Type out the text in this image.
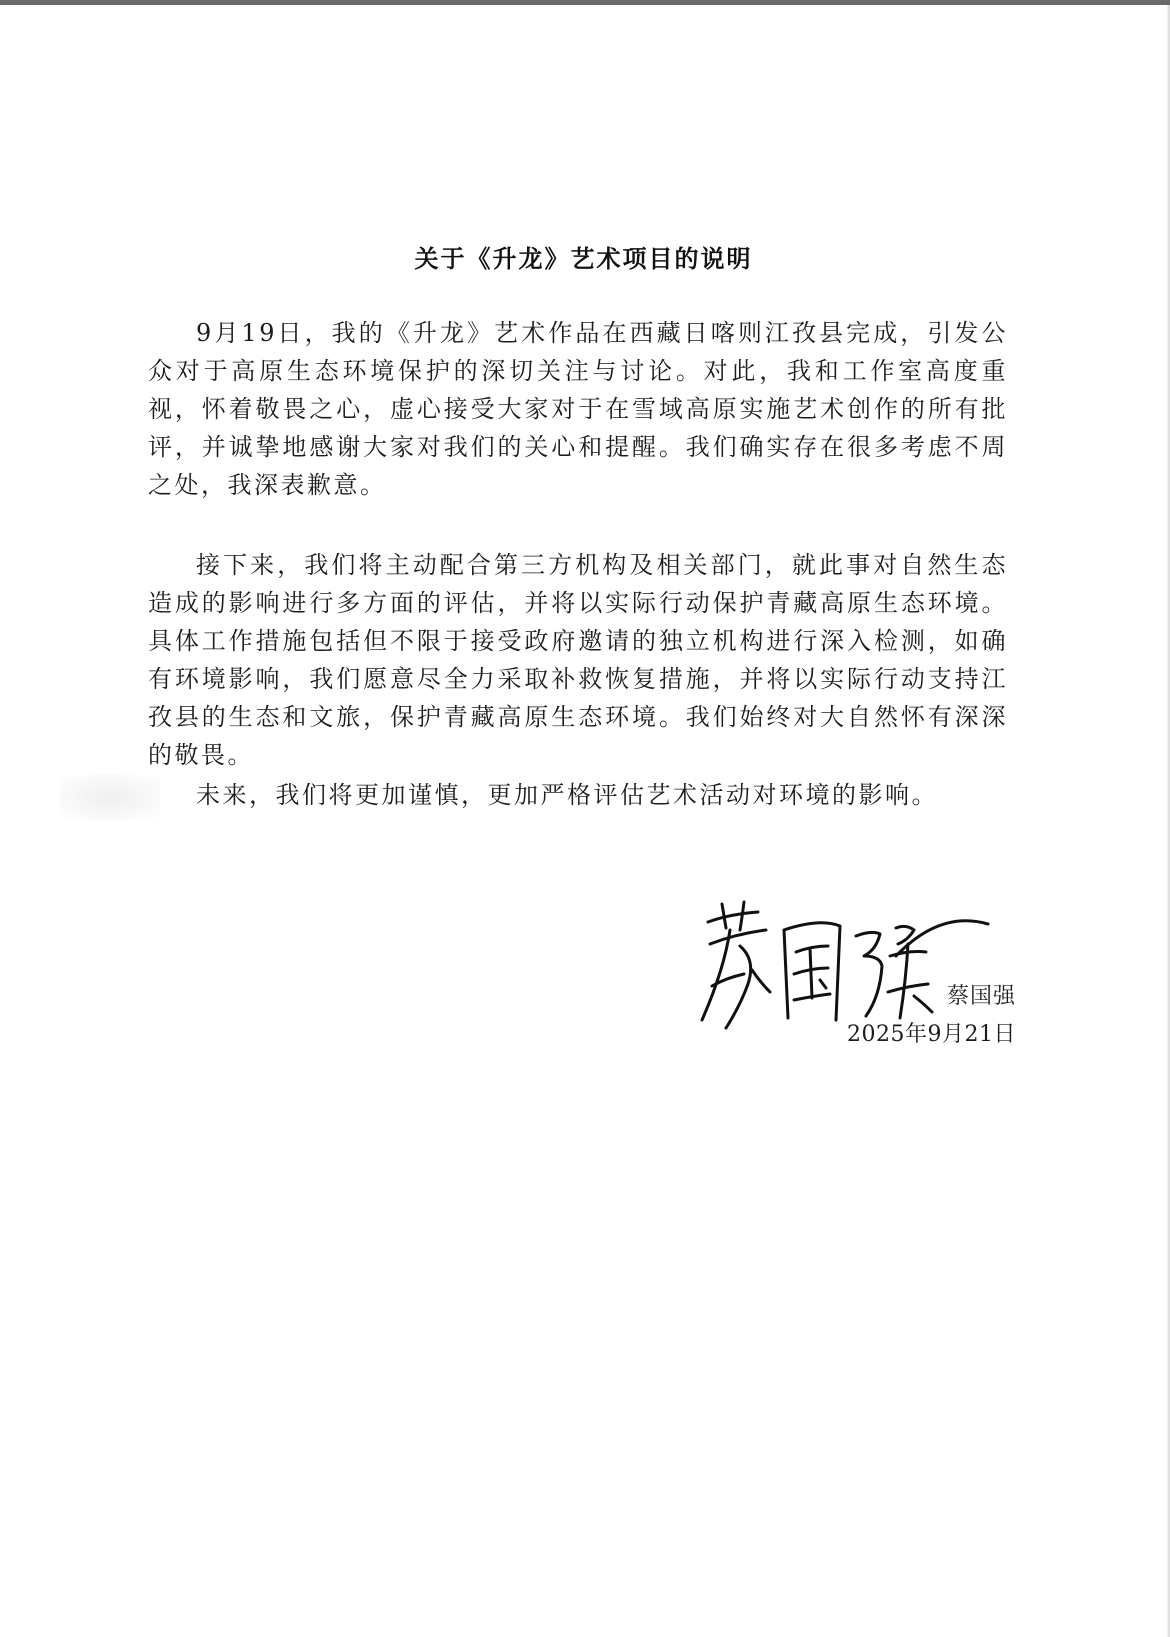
关于《升龙》艺术项目的说明

9月19日，我的《升龙》艺术作品在西藏日喀则江孜县完成，引发公众对于高原生态环境保护的深切关注与讨论。对此，我和工作室高度重视，怀着敬畏之心，虚心接受大家对于在雪域高原实施艺术创作的所有批评，并诚挚地感谢大家对我们的关心和提醒。我们确实存在很多考虑不周之处，我深表歉意。

接下来，我们将主动配合第三方机构及相关部门，就此事对自然生态造成的影响进行多方面的评估，并将以实际行动保护青藏高原生态环境。具体工作措施包括但不限于接受政府邀请的独立机构进行深入检测，如确有环境影响，我们愿意尽全力采取补救恢复措施，并将以实际行动支持江孜县的生态和文旅，保护青藏高原生态环境。我们始终对大自然怀有深深的敬畏。

未来，我们将更加谨慎，更加严格评估艺术活动对环境的影响。

蔡国强
2025年9月21日
